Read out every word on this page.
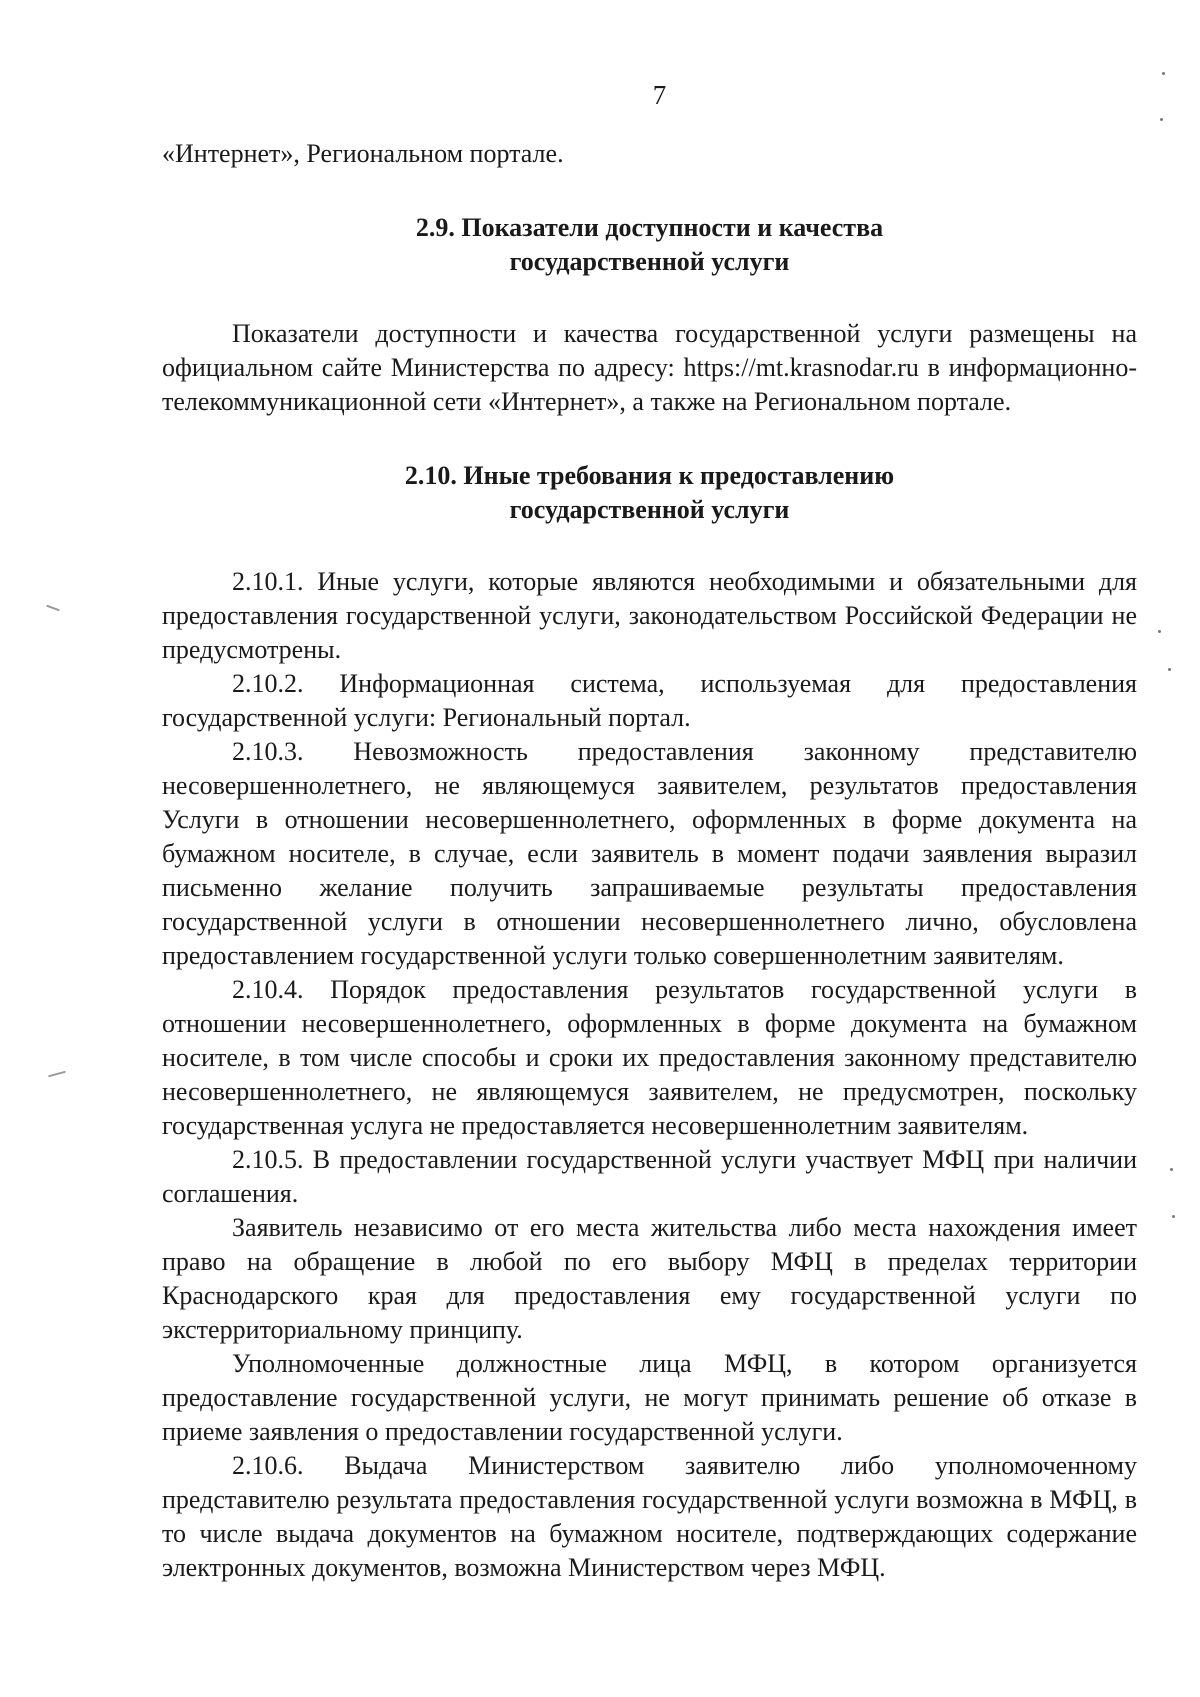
7

«Интернет», Региональном портале.

2.9. Показатели доступности и качества
государственной услуги

Показатели доступности и качества государственной услуги размещены на официальном сайте Министерства по адресу: https://mt.krasnodar.ru в информационно-телекоммуникационной сети «Интернет», а также на Региональном портале.

2.10. Иные требования к предоставлению
государственной услуги

2.10.1. Иные услуги, которые являются необходимыми и обязательными для предоставления государственной услуги, законодательством Российской Федерации не предусмотрены.

2.10.2. Информационная система, используемая для предоставления государственной услуги: Региональный портал.

2.10.3. Невозможность предоставления законному представителю несовершеннолетнего, не являющемуся заявителем, результатов предоставления Услуги в отношении несовершеннолетнего, оформленных в форме документа на бумажном носителе, в случае, если заявитель в момент подачи заявления выразил письменно желание получить запрашиваемые результаты предоставления государственной услуги в отношении несовершеннолетнего лично, обусловлена предоставлением государственной услуги только совершеннолетним заявителям.

2.10.4. Порядок предоставления результатов государственной услуги в отношении несовершеннолетнего, оформленных в форме документа на бумажном носителе, в том числе способы и сроки их предоставления законному представителю несовершеннолетнего, не являющемуся заявителем, не предусмотрен, поскольку государственная услуга не предоставляется несовершеннолетним заявителям.

2.10.5. В предоставлении государственной услуги участвует МФЦ при наличии соглашения.

Заявитель независимо от его места жительства либо места нахождения имеет право на обращение в любой по его выбору МФЦ в пределах территории Краснодарского края для предоставления ему государственной услуги по экстерриториальному принципу.

Уполномоченные должностные лица МФЦ, в котором организуется предоставление государственной услуги, не могут принимать решение об отказе в приеме заявления о предоставлении государственной услуги.

2.10.6. Выдача Министерством заявителю либо уполномоченному представителю результата предоставления государственной услуги возможна в МФЦ, в то числе выдача документов на бумажном носителе, подтверждающих содержание электронных документов, возможна Министерством через МФЦ.
